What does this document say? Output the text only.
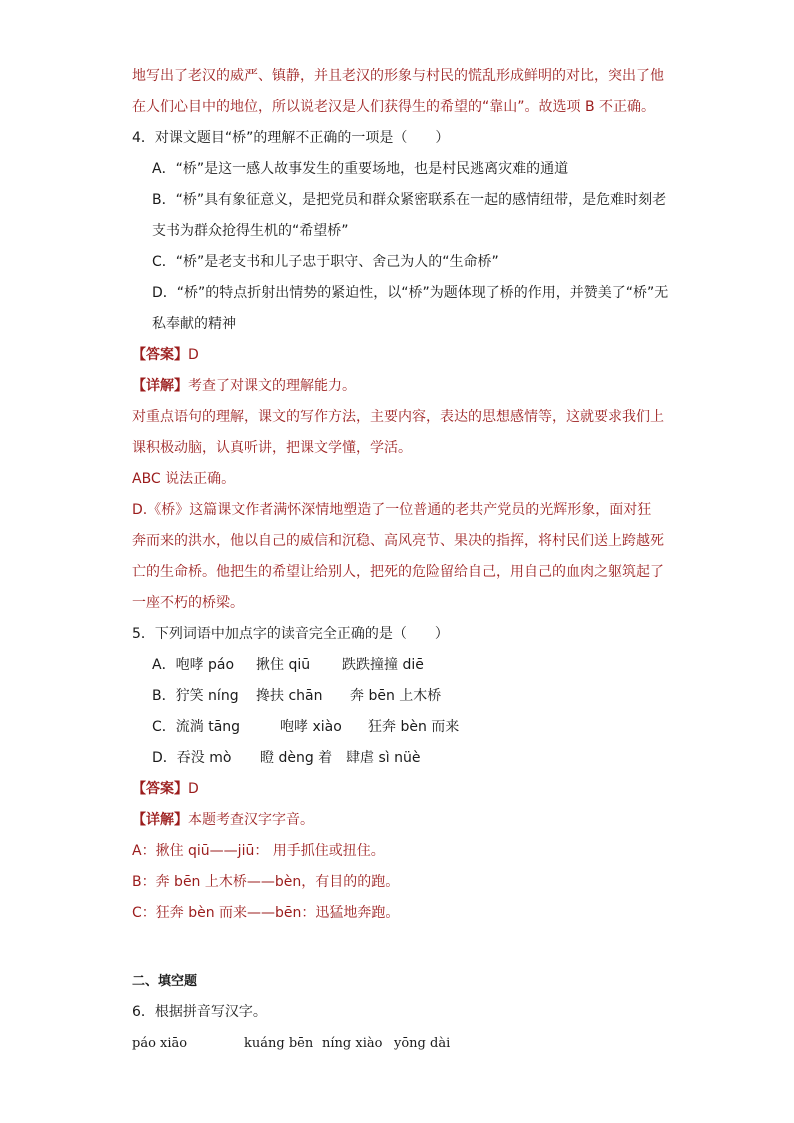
地写出了老汉的威严、镇静，并且老汉的形象与村民的慌乱形成鲜明的对比，突出了他
在人们心目中的地位，所以说老汉是人们获得生的希望的“靠山”。故选项 B 不正确。
4．对课文题目“桥”的理解不正确的一项是（　　）
A．“桥”是这一感人故事发生的重要场地，也是村民逃离灾难的通道
B．“桥”具有象征意义，是把党员和群众紧密联系在一起的感情纽带，是危难时刻老
支书为群众抢得生机的“希望桥”
C．“桥”是老支书和儿子忠于职守、舍己为人的“生命桥”
D．“桥”的特点折射出情势的紧迫性，以“桥”为题体现了桥的作用，并赞美了“桥”无
私奉献的精神
【答案】D
【详解】考查了对课文的理解能力。
对重点语句的理解，课文的写作方法，主要内容，表达的思想感情等，这就要求我们上
课积极动脑，认真听讲，把课文学懂，学活。
ABC 说法正确。
D.《桥》这篇课文作者满怀深情地塑造了一位普通的老共产党员的光辉形象，面对狂
奔而来的洪水，他以自己的威信和沉稳、高风亮节、果决的指挥，将村民们送上跨越死
亡的生命桥。他把生的希望让给别人，把死的危险留给自己，用自己的血肉之躯筑起了
一座不朽的桥梁。
5．下列词语中加点字的读音完全正确的是（　　）
A．咆哮 páo 揪住 qiū 跌跌撞撞 diē
B．狞笑 níng 搀扶 chān 奔 bēn 上木桥
C．流淌 tāng	咆哮 xiào 狂奔 bèn 而来
D．吞没 mò 瞪 dèng 着 肆虐 sì nüè
【答案】D
【详解】本题考查汉字字音。
A：揪住 qiū——jiū： 用手抓住或扭住。
B：奔 bēn 上木桥——bèn，有目的的跑。
C：狂奔 bèn 而来——bēn：迅猛地奔跑。
二、填空题
6．根据拼音写汉字。
páo xiāo	kuáng bēn níng xiào yōng dài
